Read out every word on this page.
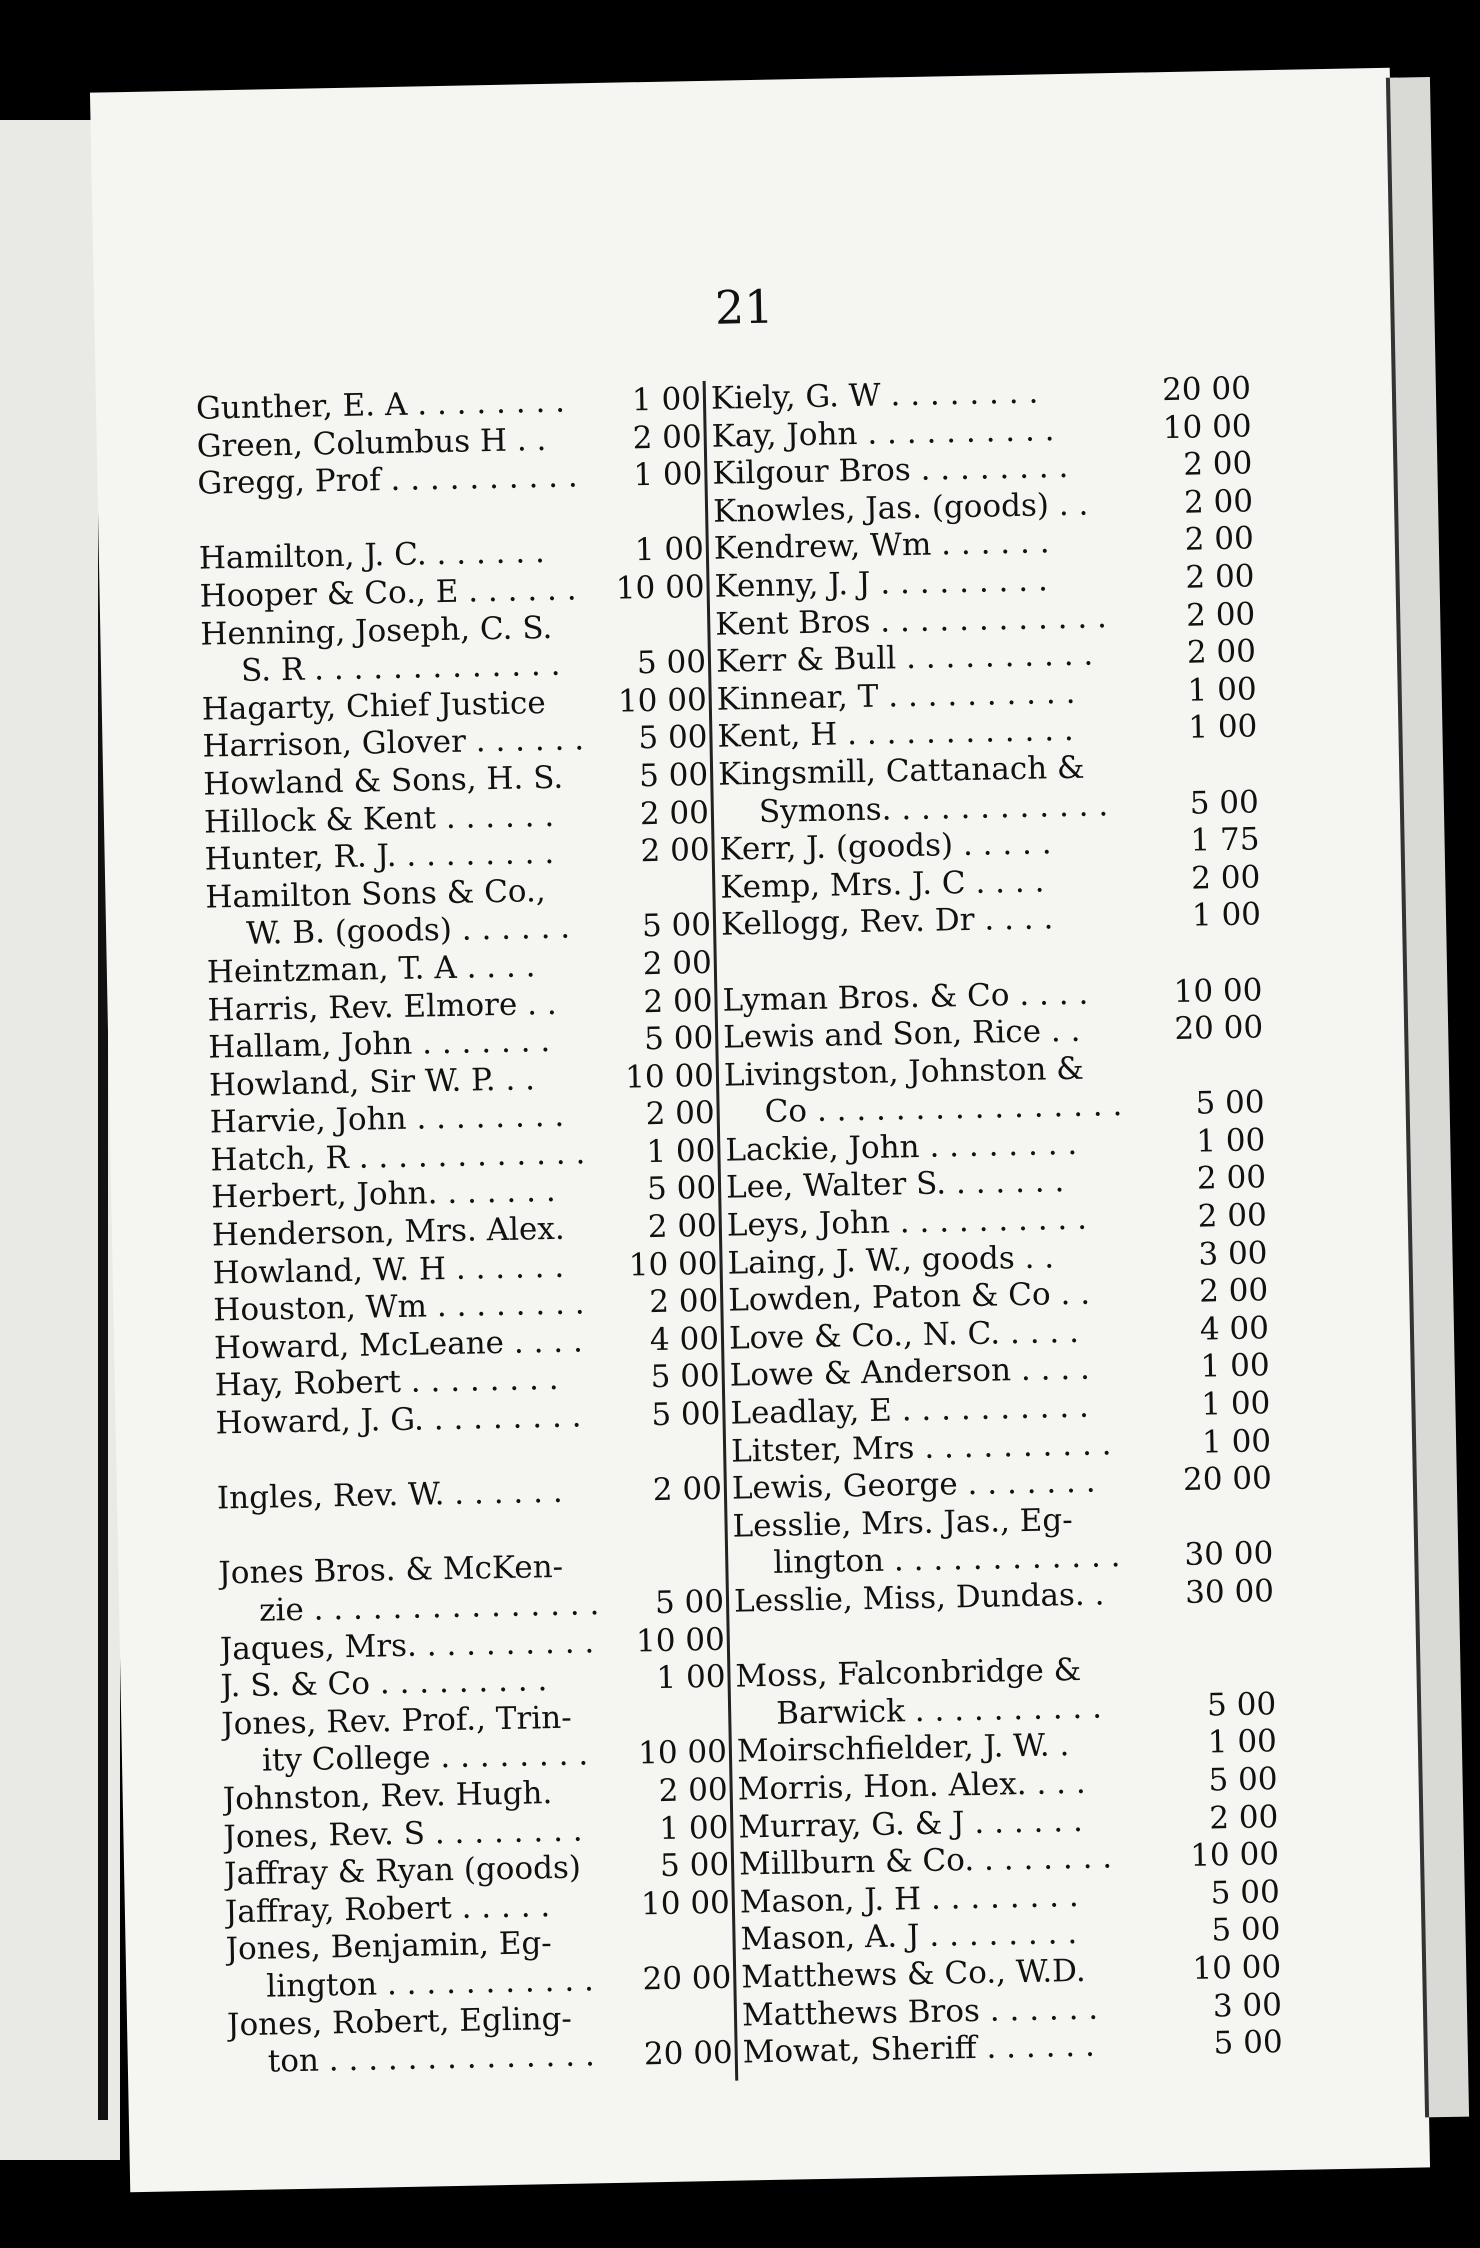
21
Gunther, E. A . . . . . . . .	1 00
Green, Columbus H . .	2 00
Gregg, Prof . . . . . . . . . .	1 00
Hamilton, J. C. . . . . . .	1 00
Hooper & Co., E . . . . . .	10 00
Henning, Joseph, C. S.
S. R . . . . . . . . . . . . .	5 00
Hagarty, Chief Justice	10 00
Harrison, Glover . . . . . .	5 00
Howland & Sons, H. S.	5 00
Hillock & Kent . . . . . .	2 00
Hunter, R. J. . . . . . . . .	2 00
Hamilton Sons & Co.,
W. B. (goods) . . . . . .	5 00
Heintzman, T. A . . . .	2 00
Harris, Rev. Elmore . .	2 00
Hallam, John . . . . . . .	5 00
Howland, Sir W. P. . .	10 00
Harvie, John . . . . . . . .	2 00
Hatch, R . . . . . . . . . . . .	1 00
Herbert, John. . . . . . .	5 00
Henderson, Mrs. Alex.	2 00
Howland, W. H . . . . . .	10 00
Houston, Wm . . . . . . . .	2 00
Howard, McLeane . . . .	4 00
Hay, Robert . . . . . . . .	5 00
Howard, J. G. . . . . . . . .	5 00
Ingles, Rev. W. . . . . . .	2 00
Jones Bros. & McKen-
zie . . . . . . . . . . . . . . .	5 00
Jaques, Mrs. . . . . . . . . .	10 00
J. S. & Co . . . . . . . . .	1 00
Jones, Rev. Prof., Trin-
ity College . . . . . . . .	10 00
Johnston, Rev. Hugh.	2 00
Jones, Rev. S . . . . . . . .	1 00
Jaffray & Ryan (goods)	5 00
Jaffray, Robert . . . . .	10 00
Jones, Benjamin, Eg-
lington . . . . . . . . . . .	20 00
Jones, Robert, Egling-
ton . . . . . . . . . . . . . .	20 00
Kiely, G. W . . . . . . . .	20 00
Kay, John . . . . . . . . . .	10 00
Kilgour Bros . . . . . . . .	2 00
Knowles, Jas. (goods) . .	2 00
Kendrew, Wm . . . . . .	2 00
Kenny, J. J . . . . . . . . .	2 00
Kent Bros . . . . . . . . . . . .	2 00
Kerr & Bull . . . . . . . . . .	2 00
Kinnear, T . . . . . . . . . .	1 00
Kent, H . . . . . . . . . . . .	1 00
Kingsmill, Cattanach &
Symons. . . . . . . . . . . .	5 00
Kerr, J. (goods) . . . . .	1 75
Kemp, Mrs. J. C . . . .	2 00
Kellogg, Rev. Dr . . . .	1 00
Lyman Bros. & Co . . . .	10 00
Lewis and Son, Rice . .	20 00
Livingston, Johnston &
Co . . . . . . . . . . . . . . . .	5 00
Lackie, John . . . . . . . .	1 00
Lee, Walter S. . . . . . .	2 00
Leys, John . . . . . . . . . .	2 00
Laing, J. W., goods . .	3 00
Lowden, Paton & Co . .	2 00
Love & Co., N. C. . . . .	4 00
Lowe & Anderson . . . .	1 00
Leadlay, E . . . . . . . . . .	1 00
Litster, Mrs . . . . . . . . . .	1 00
Lewis, George . . . . . . .	20 00
Lesslie, Mrs. Jas., Eg-
lington . . . . . . . . . . . .	30 00
Lesslie, Miss, Dundas. .	30 00
Moss, Falconbridge &
Barwick . . . . . . . . . .	5 00
Moirschfielder, J. W. .	1 00
Morris, Hon. Alex. . . .	5 00
Murray, G. & J . . . . . .	2 00
Millburn & Co. . . . . . . .	10 00
Mason, J. H . . . . . . . .	5 00
Mason, A. J . . . . . . . .	5 00
Matthews & Co., W.D.	10 00
Matthews Bros . . . . . .	3 00
Mowat, Sheriff . . . . . .	5 00
